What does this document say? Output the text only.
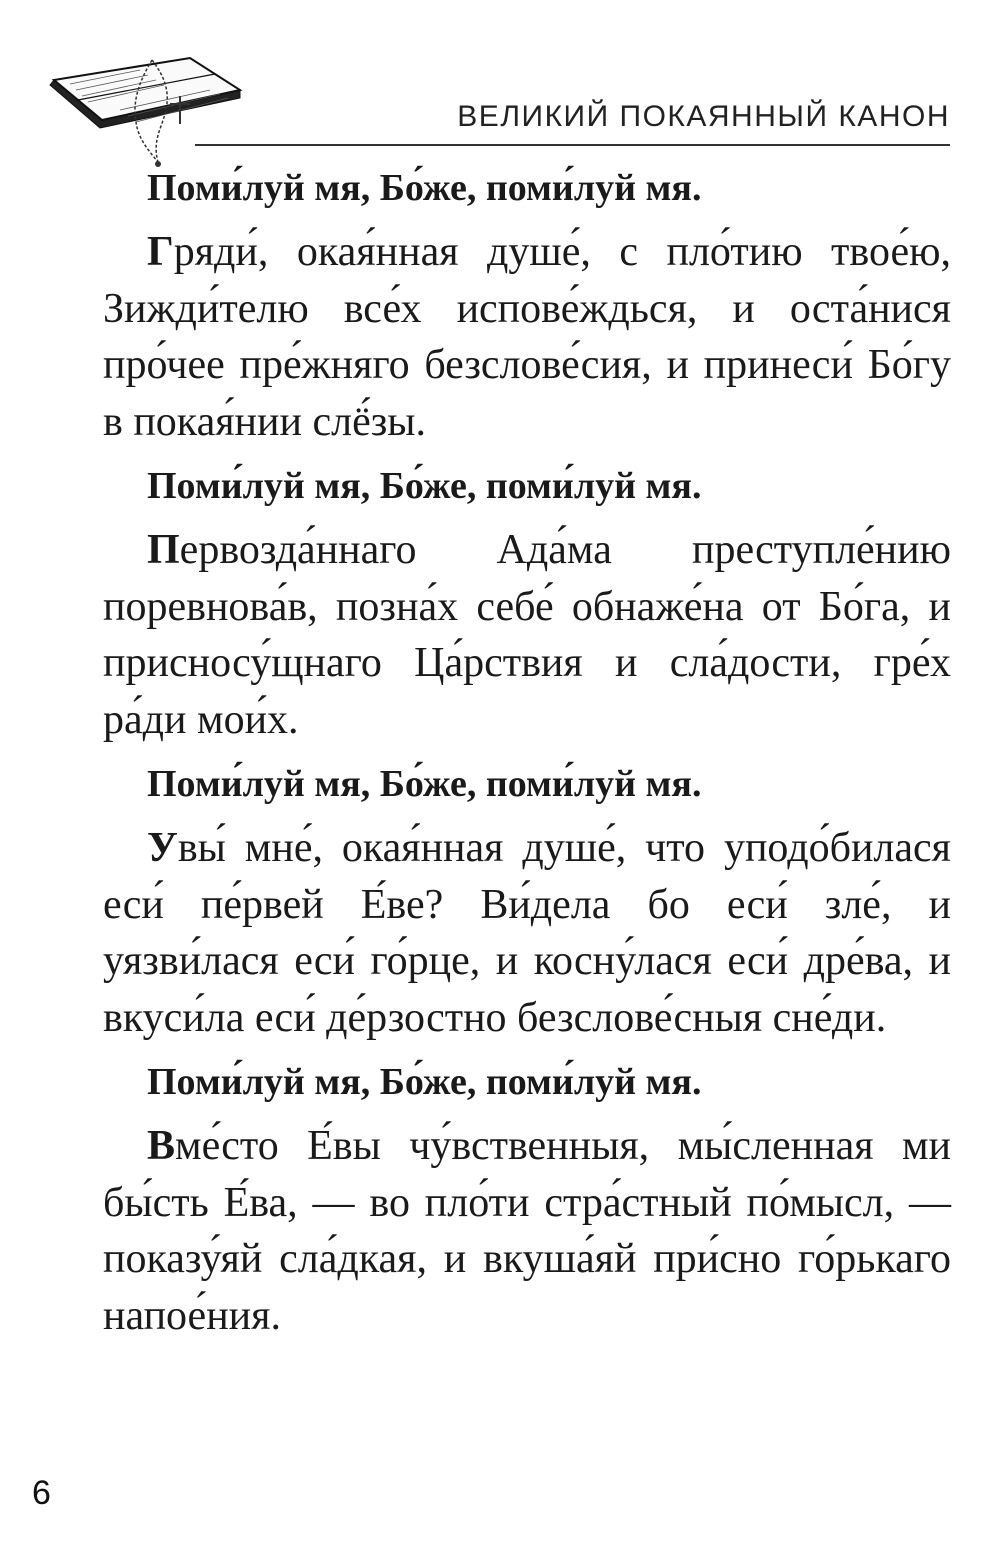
ВЕЛИКИЙ ПОКАЯННЫЙ КАНОН

Поми́луй мя, Бо́же, поми́луй мя.

Гряди́, окая́нная душе́, с пло́тию твое́ю, Зижди́телю все́х испове́ждься, и оста́нися про́чее пре́жняго безслове́сия, и принеси́ Бо́гу в покая́нии слё́зы.

Поми́луй мя, Бо́же, поми́луй мя.

Первозда́ннаго Ада́ма преступле́нию поревнова́в, позна́х себе́ обнаже́на от Бо́га, и присносу́щнаго Ца́рствия и сла́дости, гре́х ра́ди мои́х.

Поми́луй мя, Бо́же, поми́луй мя.

Увы́ мне́, окая́нная душе́, что уподо́билася еси́ пе́рвей Е́ве? Ви́дела бо еси́ зле́, и уязви́лася еси́ го́рце, и косну́лася еси́ дре́ва, и вкуси́ла еси́ де́рзостно безслове́сныя сне́ди.

Поми́луй мя, Бо́же, поми́луй мя.

Вме́сто Е́вы чу́вственныя, мы́сленная ми бы́сть Е́ва, — во пло́ти стра́стный по́мысл, — показу́яй сла́дкая, и вкуша́яй при́сно го́рькаго напое́ния.

6
